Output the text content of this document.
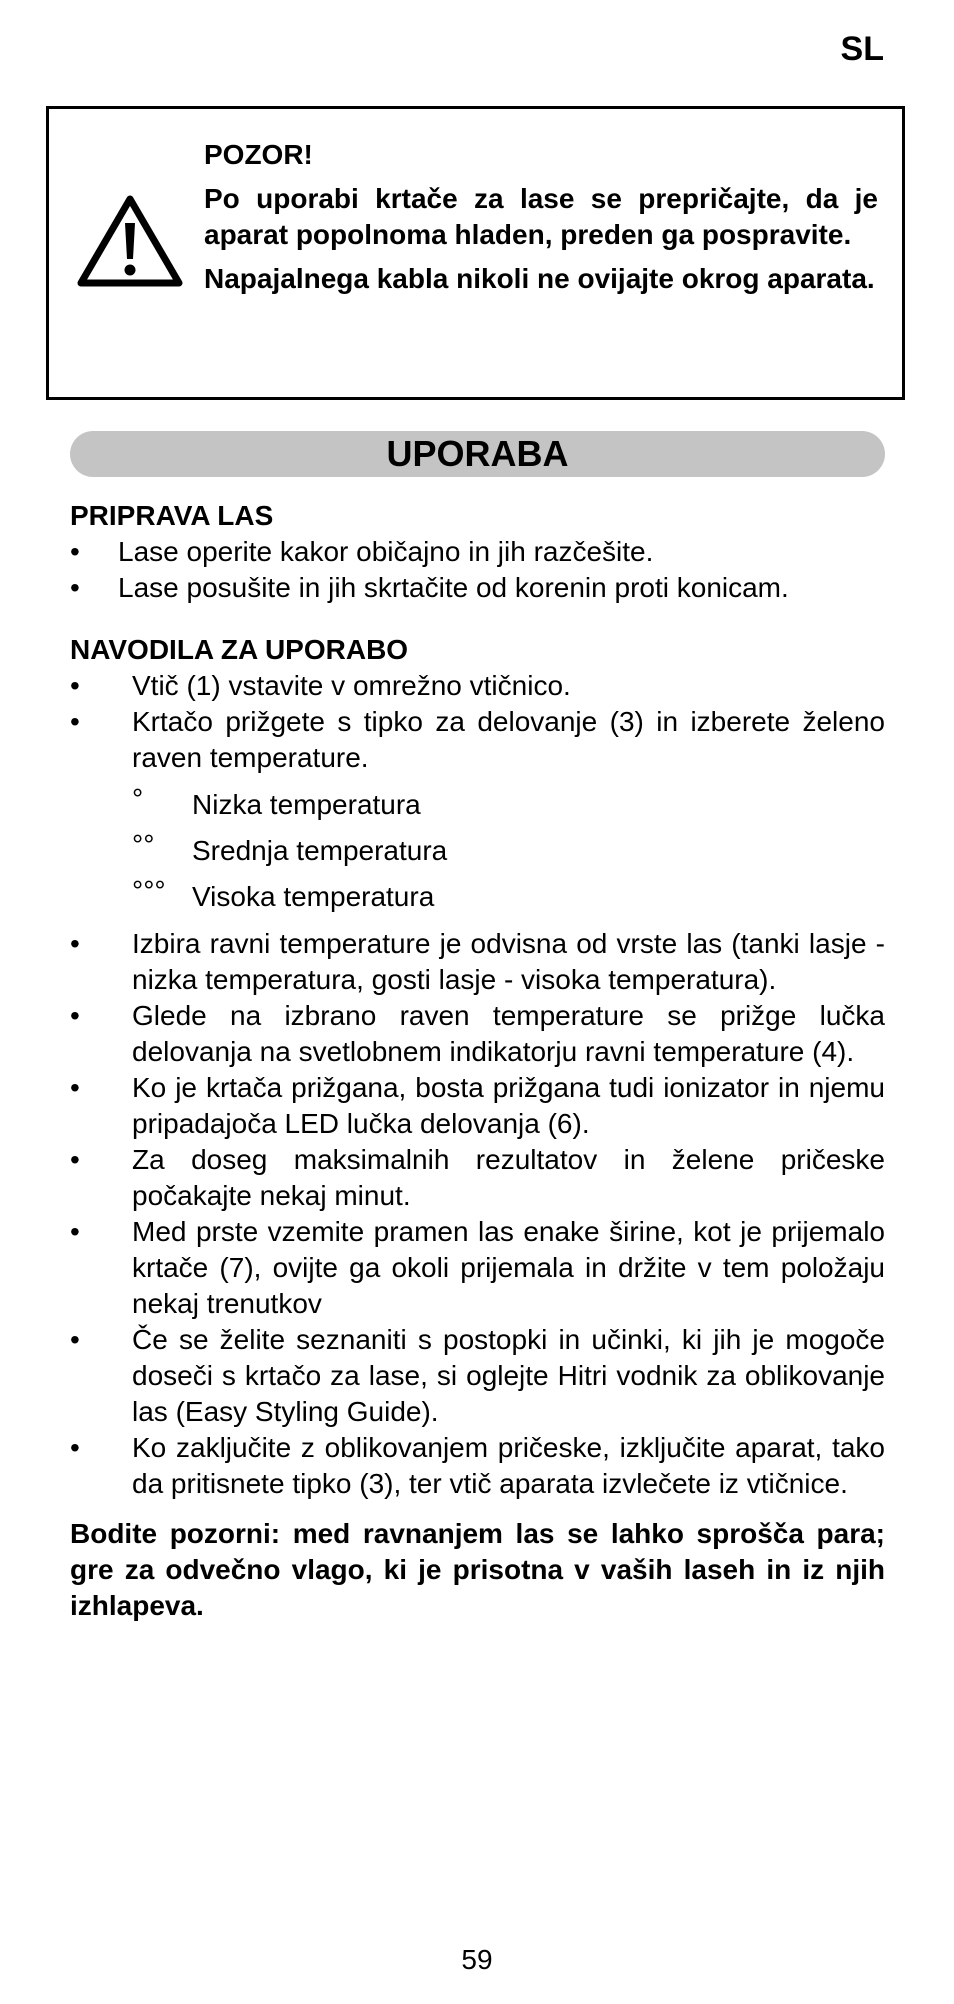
SL

POZOR!

Po uporabi krtače za lase se prepričajte, da je aparat popolnoma hladen, preden ga pospravite.

Napajalnega kabla nikoli ne ovijajte okrog aparata.

UPORABA

PRIPRAVA LAS

• Lase operite kakor običajno in jih razčešite.
• Lase posušite in jih skrtačite od korenin proti konicam.

NAVODILA ZA UPORABO

• Vtič (1) vstavite v omrežno vtičnico.
• Krtačo prižgete s tipko za delovanje (3) in izberete želeno raven temperature.
° Nizka temperatura
°° Srednja temperatura
°°° Visoka temperatura
• Izbira ravni temperature je odvisna od vrste las (tanki lasje - nizka temperatura, gosti lasje - visoka temperatura).
• Glede na izbrano raven temperature se prižge lučka delovanja na svetlobnem indikatorju ravni temperature (4).
• Ko je krtača prižgana, bosta prižgana tudi ionizator in njemu pripadajoča LED lučka delovanja (6).
• Za doseg maksimalnih rezultatov in želene pričeske počakajte nekaj minut.
• Med prste vzemite pramen las enake širine, kot je prijemalo krtače (7), ovijte ga okoli prijemala in držite v tem položaju nekaj trenutkov
• Če se želite seznaniti s postopki in učinki, ki jih je mogoče doseči s krtačo za lase, si oglejte Hitri vodnik za oblikovanje las (Easy Styling Guide).
• Ko zaključite z oblikovanjem pričeske, izključite aparat, tako da pritisnete tipko (3), ter vtič aparata izvlečete iz vtičnice.

Bodite pozorni: med ravnanjem las se lahko sprošča para; gre za odvečno vlago, ki je prisotna v vaših laseh in iz njih izhlapeva.

59
